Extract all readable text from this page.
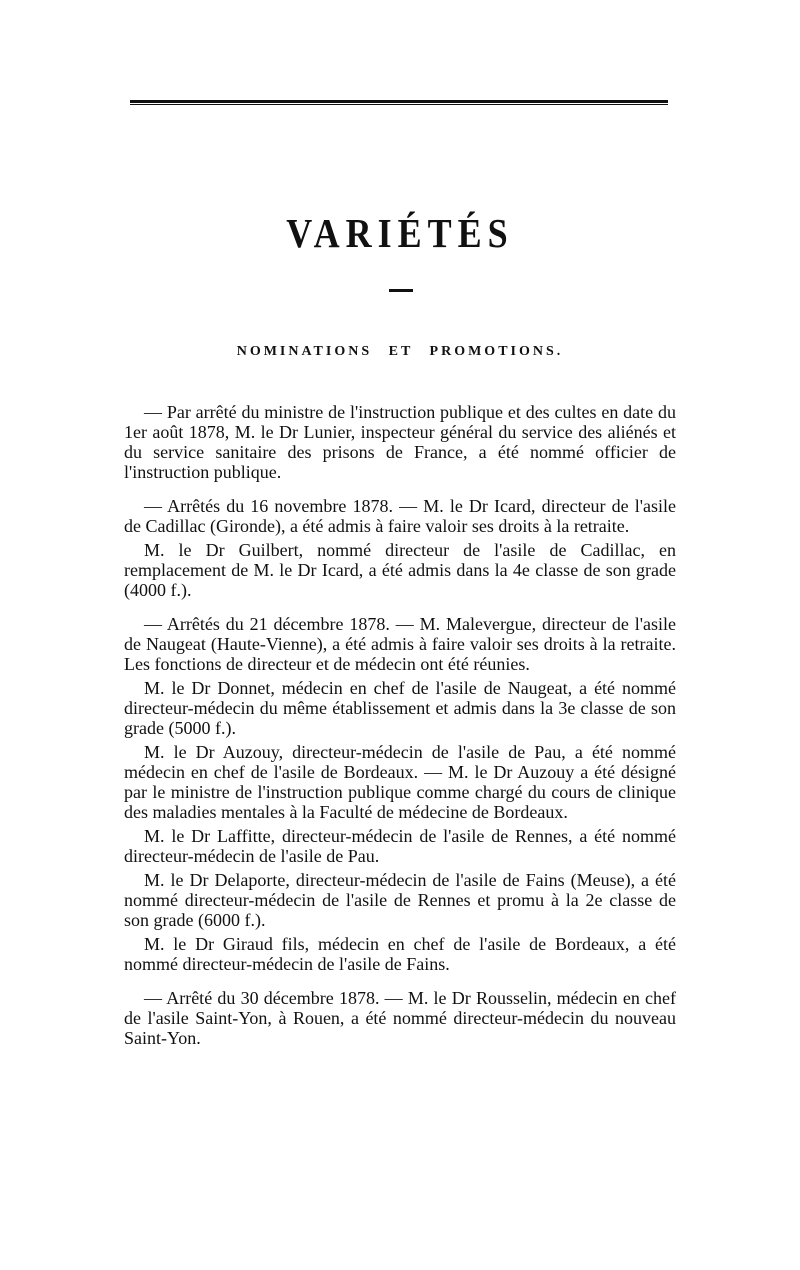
VARIÉTÉS
NOMINATIONS ET PROMOTIONS.

— Par arrêté du ministre de l'instruction publique et des cultes en date du 1er août 1878, M. le Dr Lunier, inspecteur général du service des aliénés et du service sanitaire des prisons de France, a été nommé officier de l'instruction publique.

— Arrêtés du 16 novembre 1878. — M. le Dr Icard, directeur de l'asile de Cadillac (Gironde), a été admis à faire valoir ses droits à la retraite.

M. le Dr Guilbert, nommé directeur de l'asile de Cadillac, en remplacement de M. le Dr Icard, a été admis dans la 4e classe de son grade (4000 f.).

— Arrêtés du 21 décembre 1878. — M. Malevergue, directeur de l'asile de Naugeat (Haute-Vienne), a été admis à faire valoir ses droits à la retraite. Les fonctions de directeur et de médecin ont été réunies.

M. le Dr Donnet, médecin en chef de l'asile de Naugeat, a été nommé directeur-médecin du même établissement et admis dans la 3e classe de son grade (5000 f.).

M. le Dr Auzouy, directeur-médecin de l'asile de Pau, a été nommé médecin en chef de l'asile de Bordeaux. — M. le Dr Auzouy a été désigné par le ministre de l'instruction publique comme chargé du cours de clinique des maladies mentales à la Faculté de médecine de Bordeaux.

M. le Dr Laffitte, directeur-médecin de l'asile de Rennes, a été nommé directeur-médecin de l'asile de Pau.

M. le Dr Delaporte, directeur-médecin de l'asile de Fains (Meuse), a été nommé directeur-médecin de l'asile de Rennes et promu à la 2e classe de son grade (6000 f.).

M. le Dr Giraud fils, médecin en chef de l'asile de Bordeaux, a été nommé directeur-médecin de l'asile de Fains.

— Arrêté du 30 décembre 1878. — M. le Dr Rousselin, médecin en chef de l'asile Saint-Yon, à Rouen, a été nommé directeur-médecin du nouveau Saint-Yon.
